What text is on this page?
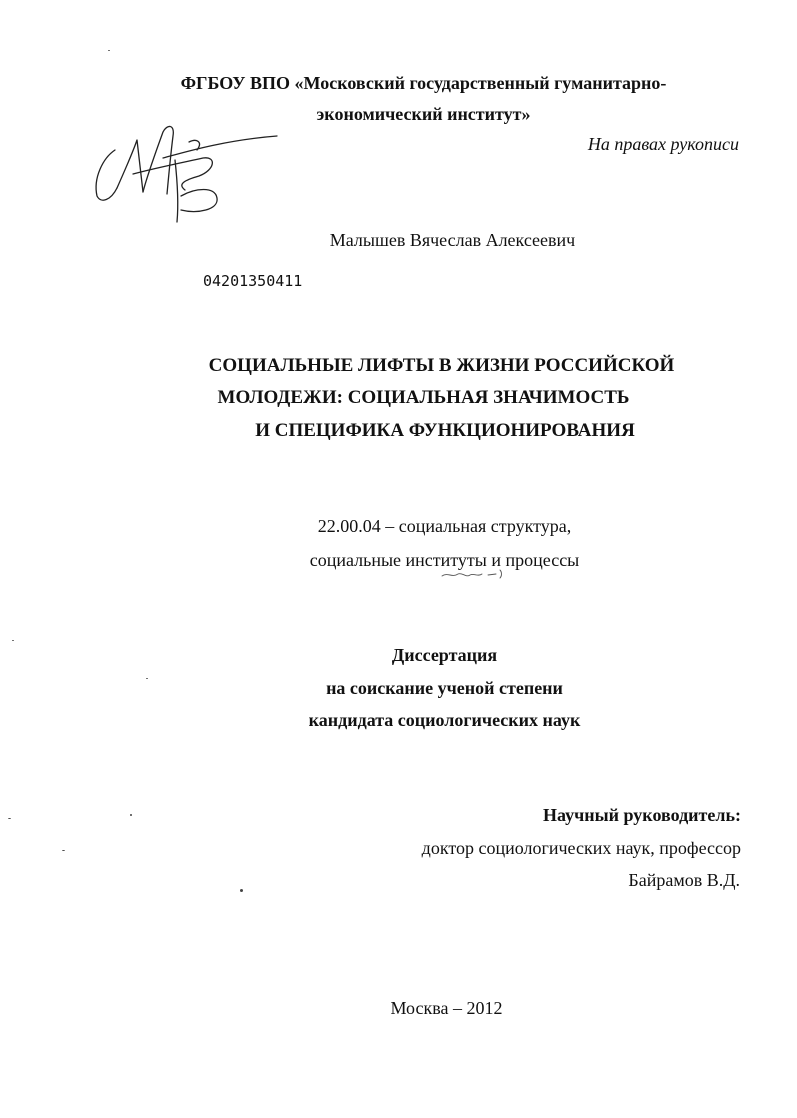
ФГБОУ ВПО «Московский государственный гуманитарно-
экономический институт»
На правах рукописи
Малышев Вячеслав Алексеевич
04201350411
СОЦИАЛЬНЫЕ ЛИФТЫ В ЖИЗНИ РОССИЙСКОЙ
МОЛОДЕЖИ: СОЦИАЛЬНАЯ ЗНАЧИМОСТЬ
И СПЕЦИФИКА ФУНКЦИОНИРОВАНИЯ
22.00.04 – социальная структура,
социальные институты и процессы
Диссертация
на соискание ученой степени
кандидата социологических наук
Научный руководитель:
доктор социологических наук, профессор
Байрамов В.Д.
Москва – 2012
